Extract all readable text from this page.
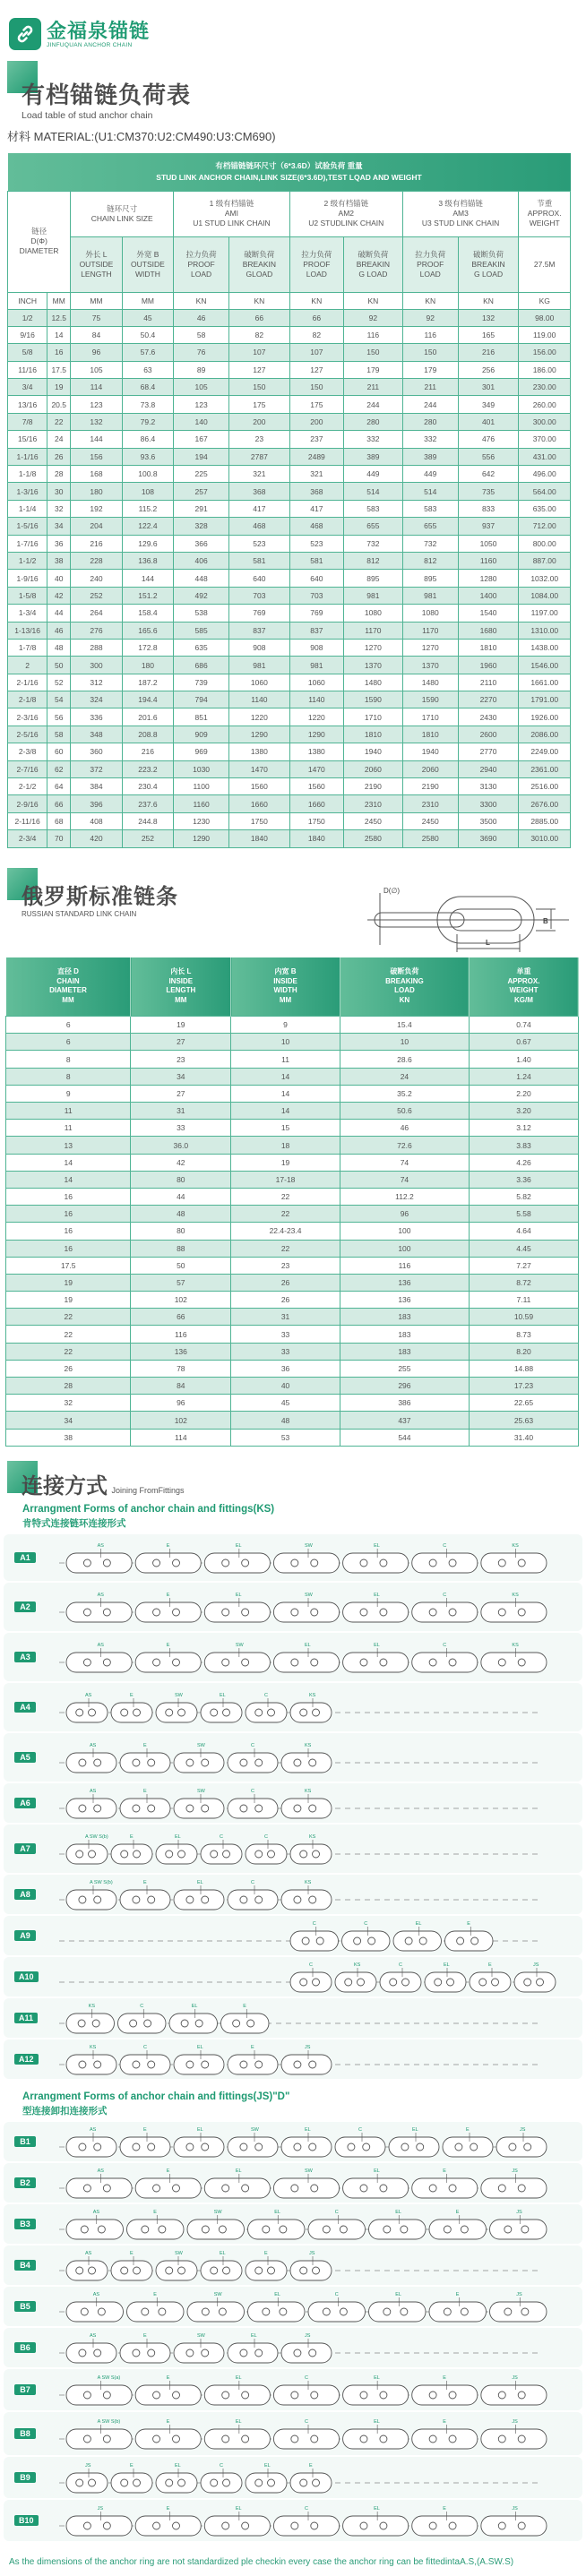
金福泉锚链
JINFUQUAN ANCHOR CHAIN
有档锚链负荷表
Load table of stud anchor chain
材料 MATERIAL:(U1:CM370:U2:CM490:U3:CM690)
有档锚链链环尺寸（6*3.6D）试验负荷 重量
STUD LINK ANCHOR CHAIN,LINK SIZE(6*3.6D),TEST LQAD AND WEIGHT										

链径
D(Φ)
DIAMETER

链环尺寸
CHAIN LINK SIZE

1 级有档锚链
AMI
U1 STUD LINK CHAIN

2 级有档锚链
AM2
U2 STUDLINK CHAIN

3 级有档锚链
AM3
U3 STUD LINK CHAIN

节重
APPROX.
WEIGHT

外长 L
OUTSIDE
LENGTH

外宽 B
OUTSIDE
WIDTH

拉力负荷
PROOF
LOAD

破断负荷
BREAKIN
GLOAD

拉力负荷
PROOF
LOAD

破断负荷
BREAKIN
G LOAD

拉力负荷
PROOF
LOAD

破断负荷
BREAKIN
G LOAD

27.5M

INCH	MM	MM	MM	KN	KN	KN	KN	KN	KN	KG
1/2	12.5	75	45	46	66	66	92	92	132	98.00
9/16	14	84	50.4	58	82	82	116	116	165	119.00
5/8	16	96	57.6	76	107	107	150	150	216	156.00
11/16	17.5	105	63	89	127	127	179	179	256	186.00
3/4	19	114	68.4	105	150	150	211	211	301	230.00
13/16	20.5	123	73.8	123	175	175	244	244	349	260.00
7/8	22	132	79.2	140	200	200	280	280	401	300.00
15/16	24	144	86.4	167	23	237	332	332	476	370.00
1-1/16	26	156	93.6	194	2787	2489	389	389	556	431.00
1-1/8	28	168	100.8	225	321	321	449	449	642	496.00
1-3/16	30	180	108	257	368	368	514	514	735	564.00
1-1/4	32	192	115.2	291	417	417	583	583	833	635.00
1-5/16	34	204	122.4	328	468	468	655	655	937	712.00
1-7/16	36	216	129.6	366	523	523	732	732	1050	800.00
1-1/2	38	228	136.8	406	581	581	812	812	1160	887.00
1-9/16	40	240	144	448	640	640	895	895	1280	1032.00
1-5/8	42	252	151.2	492	703	703	981	981	1400	1084.00
1-3/4	44	264	158.4	538	769	769	1080	1080	1540	1197.00
1-13/16	46	276	165.6	585	837	837	1170	1170	1680	1310.00
1-7/8	48	288	172.8	635	908	908	1270	1270	1810	1438.00
2	50	300	180	686	981	981	1370	1370	1960	1546.00
2-1/16	52	312	187.2	739	1060	1060	1480	1480	2110	1661.00
2-1/8	54	324	194.4	794	1140	1140	1590	1590	2270	1791.00
2-3/16	56	336	201.6	851	1220	1220	1710	1710	2430	1926.00
2-5/16	58	348	208.8	909	1290	1290	1810	1810	2600	2086.00
2-3/8	60	360	216	969	1380	1380	1940	1940	2770	2249.00
2-7/16	62	372	223.2	1030	1470	1470	2060	2060	2940	2361.00
2-1/2	64	384	230.4	1100	1560	1560	2190	2190	3130	2516.00
2-9/16	66	396	237.6	1160	1660	1660	2310	2310	3300	2676.00
2-11/16	68	408	244.8	1230	1750	1750	2450	2450	3500	2885.00
2-3/4	70	420	252	1290	1840	1840	2580	2580	3690	3010.00
俄罗斯标准链条
RUSSIAN STANDARD LINK CHAIN
D(∅)
B
L
直径 D
CHAIN
DIAMETER
MM

内长 L
INSIDE
LENGTH
MM

内宽 B
INSIDE
WIDTH
MM

破断负荷
BREAKING
LOAD
KN

单重
APPROX.
WEIGHT
KG/M

6	19	9	15.4	0.74
6	27	10	10	0.67
8	23	11	28.6	1.40
8	34	14	24	1.24
9	27	14	35.2	2.20
11	31	14	50.6	3.20
11	33	15	46	3.12
13	36.0	18	72.6	3.83
14	42	19	74	4.26
14	80	17-18	74	3.36
16	44	22	112.2	5.82
16	48	22	96	5.58
16	80	22.4-23.4	100	4.64
16	88	22	100	4.45
17.5	50	23	116	7.27
19	57	26	136	8.72
19	102	26	136	7.11
22	66	31	183	10.59
22	116	33	183	8.73
22	136	33	183	8.20
26	78	36	255	14.88
28	84	40	296	17.23
32	96	45	386	22.65
34	102	48	437	25.63
38	114	53	544	31.40
连接方式 Joining FromFittings
Arrangment Forms of anchor chain and fittings(KS)
肯特式连接链环连接形式
AS	E	EL	SW	EL	C	KS
A1
AS	E	EL	SW	EL	C	KS
A2
AS	E	SW	EL	EL	C	KS
A3
AS	E	SW	EL	C	KS
A4
AS	E	SW	C	KS
A5
AS	E	SW	C	KS
A6
A SW S(b)	E	EL	C	C	KS
A7
A SW S(b)	E	EL	C	KS
A8
C	C	EL	E
A9
C	KS	C	EL	E	JS
A10
KS	C	EL	E
A11
KS	C	EL	E	JS
A12
Arrangment Forms of anchor chain and fittings(JS)"D"
型连接卸扣连接形式
AS	E	EL	SW	EL	C	EL	E	JS
B1
AS	E	EL	SW	EL	E	JS
B2
AS	E	SW	EL	C	EL	E	JS
B3
AS	E	SW	EL	E	JS
B4
AS	E	SW	EL	C	EL	E	JS
B5
AS	E	SW	EL	JS
B6
A SW S(a)	E	EL	C	EL	E	JS
B7
A SW S(b)	E	EL	C	EL	E	JS
B8
JS	E	EL	C	EL	E
B9
JS	E	EL	C	EL	E	JS
B10
As the dimensions of the anchor ring are not standardized ple checkin every case the anchor ring can be fittedintaA.S,(A.SW.S)
